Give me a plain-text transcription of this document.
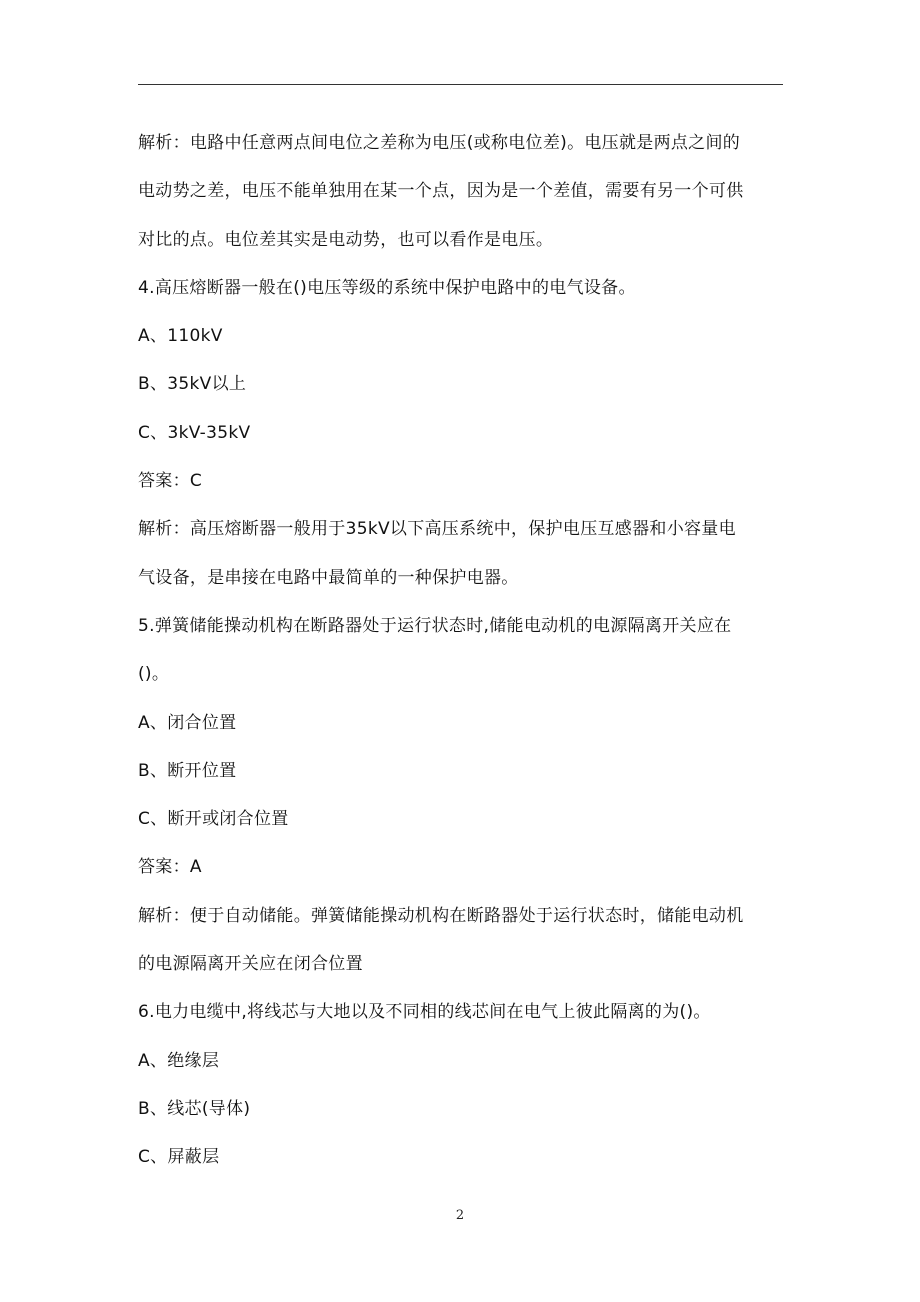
解析：电路中任意两点间电位之差称为电压(或称电位差)。电压就是两点之间的
电动势之差，电压不能单独用在某一个点，因为是一个差值，需要有另一个可供
对比的点。电位差其实是电动势，也可以看作是电压。
4.高压熔断器一般在()电压等级的系统中保护电路中的电气设备。
A、110kV
B、35kV以上
C、3kV-35kV
答案：C
解析：高压熔断器一般用于35kV以下高压系统中，保护电压互感器和小容量电
气设备，是串接在电路中最简单的一种保护电器。
5.弹簧储能操动机构在断路器处于运行状态时,储能电动机的电源隔离开关应在
()。
A、闭合位置
B、断开位置
C、断开或闭合位置
答案：A
解析：便于自动储能。弹簧储能操动机构在断路器处于运行状态时，储能电动机
的电源隔离开关应在闭合位置
6.电力电缆中,将线芯与大地以及不同相的线芯间在电气上彼此隔离的为()。
A、绝缘层
B、线芯(导体)
C、屏蔽层
2
